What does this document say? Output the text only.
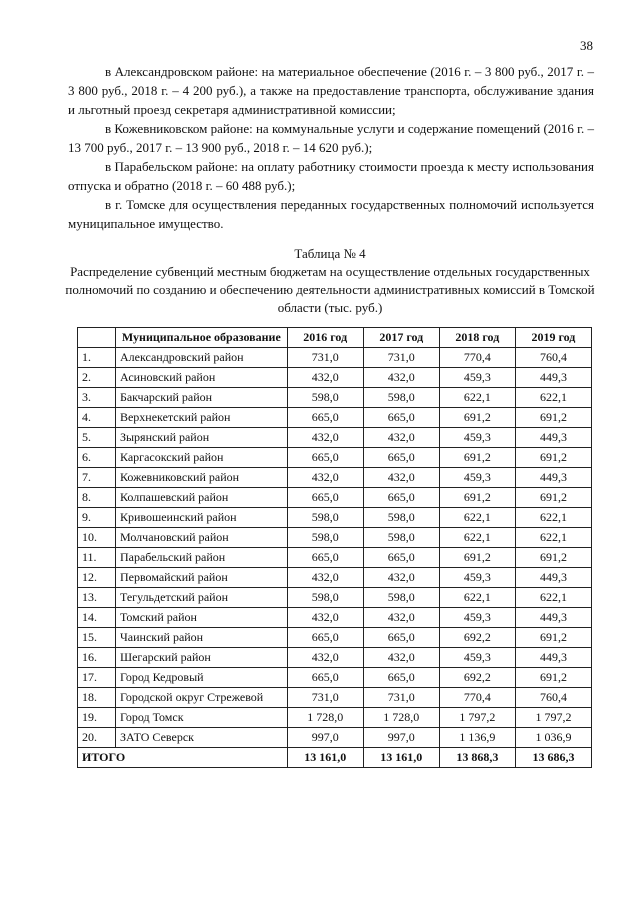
38

в Александровском районе: на материальное обеспечение (2016 г. – 3 800 руб., 2017 г. – 3 800 руб., 2018 г. – 4 200 руб.), а также на предоставление транспорта, обслуживание здания и льготный проезд секретаря административной комиссии;

в Кожевниковском районе: на коммунальные услуги и содержание помещений (2016 г. – 13 700 руб., 2017 г. – 13 900 руб., 2018 г. – 14 620 руб.);

в Парабельском районе: на оплату работнику стоимости проезда к месту использования отпуска и обратно (2018 г. – 60 488 руб.);

в г. Томске для осуществления переданных государственных полномочий используется муниципальное имущество.

Таблица № 4
Распределение субвенций местным бюджетам на осуществление отдельных государственных полномочий по созданию и обеспечению деятельности административных комиссий в Томской области (тыс. руб.)
	Муниципальное образование	2016 год	2017 год	2018 год	2019 год
1.	Александровский район	731,0	731,0	770,4	760,4
2.	Асиновский район	432,0	432,0	459,3	449,3
3.	Бакчарский район	598,0	598,0	622,1	622,1
4.	Верхнекетский район	665,0	665,0	691,2	691,2
5.	Зырянский район	432,0	432,0	459,3	449,3
6.	Каргасокский район	665,0	665,0	691,2	691,2
7.	Кожевниковский район	432,0	432,0	459,3	449,3
8.	Колпашевский район	665,0	665,0	691,2	691,2
9.	Кривошеинский район	598,0	598,0	622,1	622,1
10.	Молчановский район	598,0	598,0	622,1	622,1
11.	Парабельский район	665,0	665,0	691,2	691,2
12.	Первомайский район	432,0	432,0	459,3	449,3
13.	Тегульдетский район	598,0	598,0	622,1	622,1
14.	Томский район	432,0	432,0	459,3	449,3
15.	Чаинский район	665,0	665,0	692,2	691,2
16.	Шегарский район	432,0	432,0	459,3	449,3
17.	Город Кедровый	665,0	665,0	692,2	691,2
18.	Городской округ Стрежевой	731,0	731,0	770,4	760,4
19.	Город Томск	1 728,0	1 728,0	1 797,2	1 797,2
20.	ЗАТО Северск	997,0	997,0	1 136,9	1 036,9
ИТОГО		13 161,0	13 161,0	13 868,3	13 686,3
